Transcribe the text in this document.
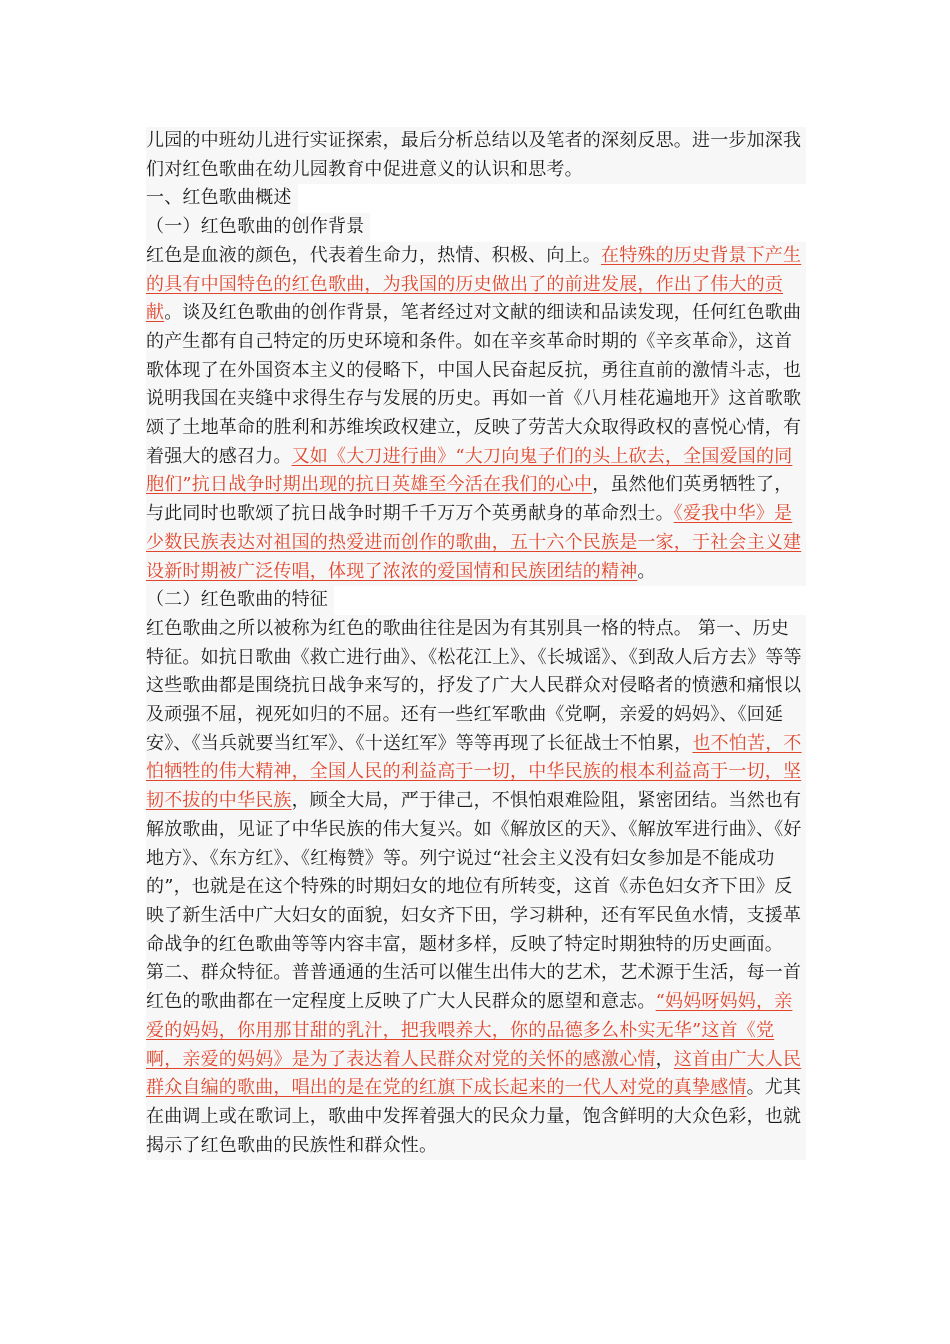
儿园的中班幼儿进行实证探索，最后分析总结以及笔者的深刻反思。进一步加深我们对红色歌曲在幼儿园教育中促进意义的认识和思考。

一、红色歌曲概述

（一）红色歌曲的创作背景

红色是血液的颜色，代表着生命力，热情、积极、向上。在特殊的历史背景下产生的具有中国特色的红色歌曲，为我国的历史做出了的前进发展，作出了伟大的贡献。谈及红色歌曲的创作背景，笔者经过对文献的细读和品读发现，任何红色歌曲的产生都有自己特定的历史环境和条件。如在辛亥革命时期的《辛亥革命》，这首歌体现了在外国资本主义的侵略下，中国人民奋起反抗，勇往直前的激情斗志，也说明我国在夹缝中求得生存与发展的历史。再如一首《八月桂花遍地开》这首歌歌颂了土地革命的胜利和苏维埃政权建立，反映了劳苦大众取得政权的喜悦心情，有着强大的感召力。又如《大刀进行曲》“大刀向鬼子们的头上砍去，全国爱国的同胞们”抗日战争时期出现的抗日英雄至今活在我们的心中，虽然他们英勇牺牲了，与此同时也歌颂了抗日战争时期千千万万个英勇献身的革命烈士。《爱我中华》是少数民族表达对祖国的热爱进而创作的歌曲，五十六个民族是一家，于社会主义建设新时期被广泛传唱，体现了浓浓的爱国情和民族团结的精神。

（二）红色歌曲的特征

红色歌曲之所以被称为红色的歌曲往往是因为有其别具一格的特点。 第一、历史特征。如抗日歌曲《救亡进行曲》、《松花江上》、《长城谣》、《到敌人后方去》等等这些歌曲都是围绕抗日战争来写的，抒发了广大人民群众对侵略者的愤懑和痛恨以及顽强不屈，视死如归的不屈。还有一些红军歌曲《党啊，亲爱的妈妈》、《回延安》、《当兵就要当红军》、《十送红军》等等再现了长征战士不怕累，也不怕苦，不怕牺牲的伟大精神，全国人民的利益高于一切，中华民族的根本利益高于一切，坚韧不拔的中华民族，顾全大局，严于律己，不惧怕艰难险阻，紧密团结。当然也有解放歌曲，见证了中华民族的伟大复兴。如《解放区的天》、《解放军进行曲》、《好地方》、《东方红》、《红梅赞》等。列宁说过“社会主义没有妇女参加是不能成功的”，也就是在这个特殊的时期妇女的地位有所转变，这首《赤色妇女齐下田》反映了新生活中广大妇女的面貌，妇女齐下田，学习耕种，还有军民鱼水情，支援革命战争的红色歌曲等等内容丰富，题材多样，反映了特定时期独特的历史画面。

第二、群众特征。普普通通的生活可以催生出伟大的艺术，艺术源于生活，每一首红色的歌曲都在一定程度上反映了广大人民群众的愿望和意志。“妈妈呀妈妈，亲爱的妈妈，你用那甘甜的乳汁，把我喂养大，你的品德多么朴实无华”这首《党啊，亲爱的妈妈》是为了表达着人民群众对党的关怀的感激心情，这首由广大人民群众自编的歌曲，唱出的是在党的红旗下成长起来的一代人对党的真挚感情。尤其在曲调上或在歌词上，歌曲中发挥着强大的民众力量，饱含鲜明的大众色彩，也就揭示了红色歌曲的民族性和群众性。
